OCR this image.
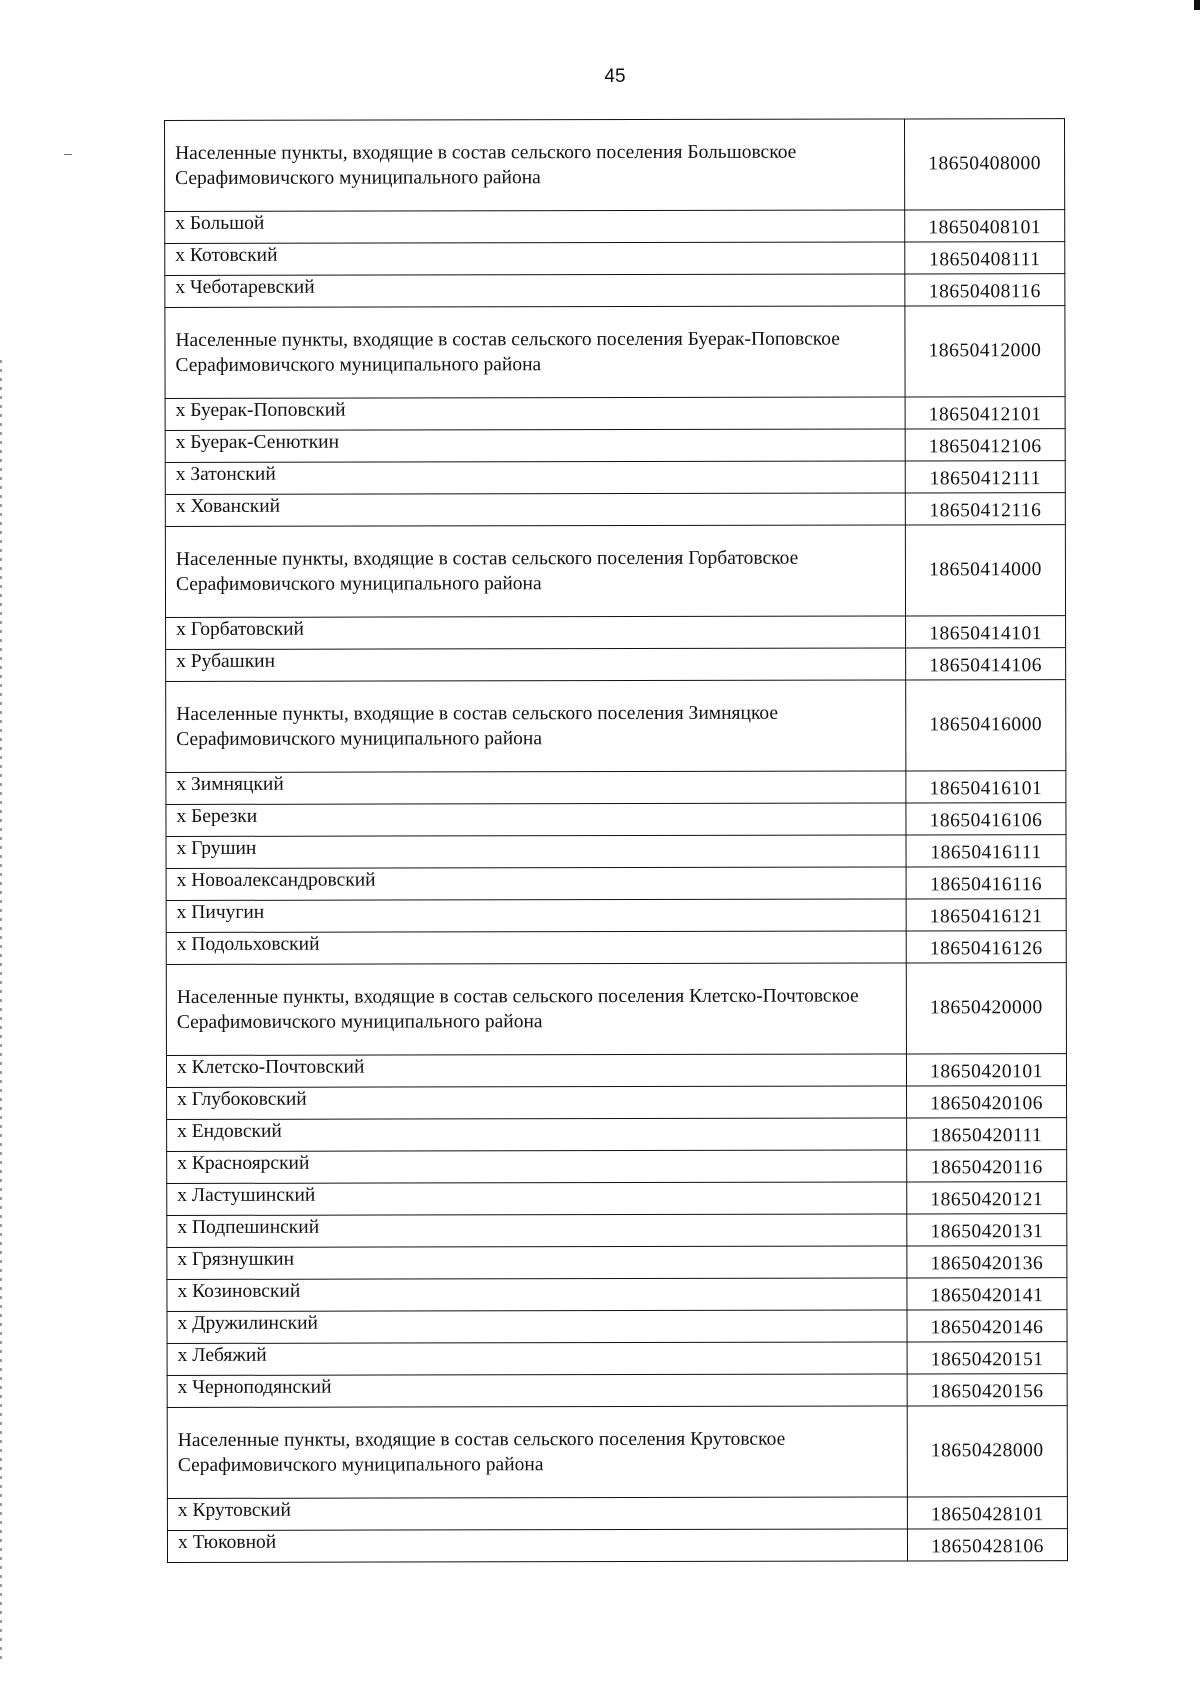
45
Населенные пункты, входящие в состав сельского поселения Большовское Серафимовичского муниципального района	18650408000
х Большой	18650408101
х Котовский	18650408111
х Чеботаревский	18650408116
Населенные пункты, входящие в состав сельского поселения Буерак-Поповское Серафимовичского муниципального района	18650412000
х Буерак-Поповский	18650412101
х Буерак-Сенюткин	18650412106
х Затонский	18650412111
х Хованский	18650412116
Населенные пункты, входящие в состав сельского поселения Горбатовское Серафимовичского муниципального района	18650414000
х Горбатовский	18650414101
х Рубашкин	18650414106
Населенные пункты, входящие в состав сельского поселения Зимняцкое Серафимовичского муниципального района	18650416000
х Зимняцкий	18650416101
х Березки	18650416106
х Грушин	18650416111
х Новоалександровский	18650416116
х Пичугин	18650416121
х Подольховский	18650416126
Населенные пункты, входящие в состав сельского поселения Клетско-Почтовское Серафимовичского муниципального района	18650420000
х Клетско-Почтовский	18650420101
х Глубоковский	18650420106
х Ендовский	18650420111
х Красноярский	18650420116
х Ластушинский	18650420121
х Подпешинский	18650420131
х Грязнушкин	18650420136
х Козиновский	18650420141
х Дружилинский	18650420146
х Лебяжий	18650420151
х Черноподянский	18650420156
Населенные пункты, входящие в состав сельского поселения Крутовское Серафимовичского муниципального района	18650428000
х Крутовский	18650428101
х Тюковной	18650428106
